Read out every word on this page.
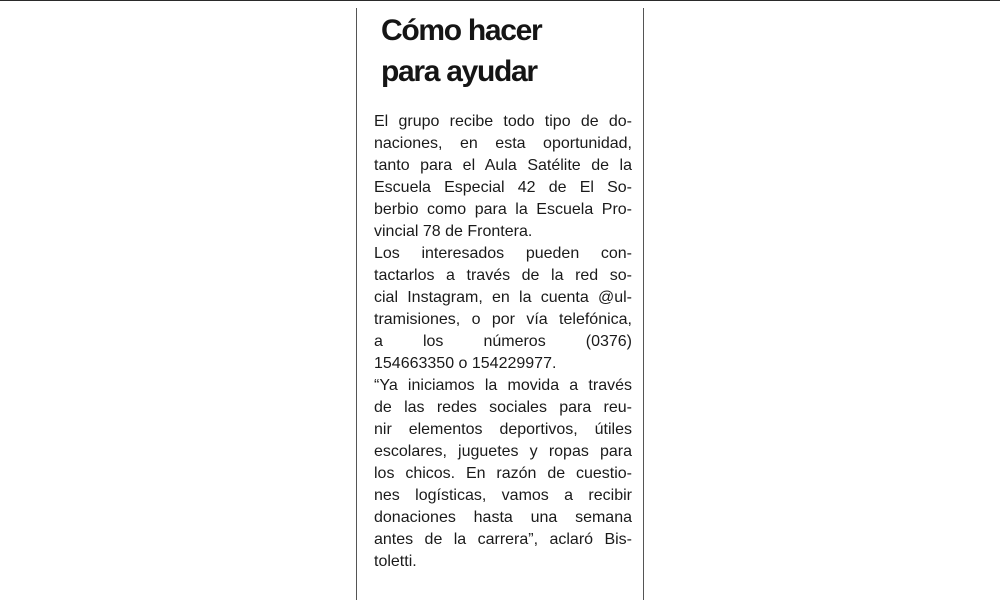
Cómo hacer
para ayudar
El grupo recibe todo tipo de do-
naciones, en esta oportunidad,
tanto para el Aula Satélite de la
Escuela Especial 42 de El So-
berbio como para la Escuela Pro-
vincial 78 de Frontera.
Los interesados pueden con-
tactarlos a través de la red so-
cial Instagram, en la cuenta @ul-
tramisiones, o por vía telefónica,
a los números (0376)
154663350 o 154229977.
“Ya iniciamos la movida a través
de las redes sociales para reu-
nir elementos deportivos, útiles
escolares, juguetes y ropas para
los chicos. En razón de cuestio-
nes logísticas, vamos a recibir
donaciones hasta una semana
antes de la carrera”, aclaró Bis-
toletti.
